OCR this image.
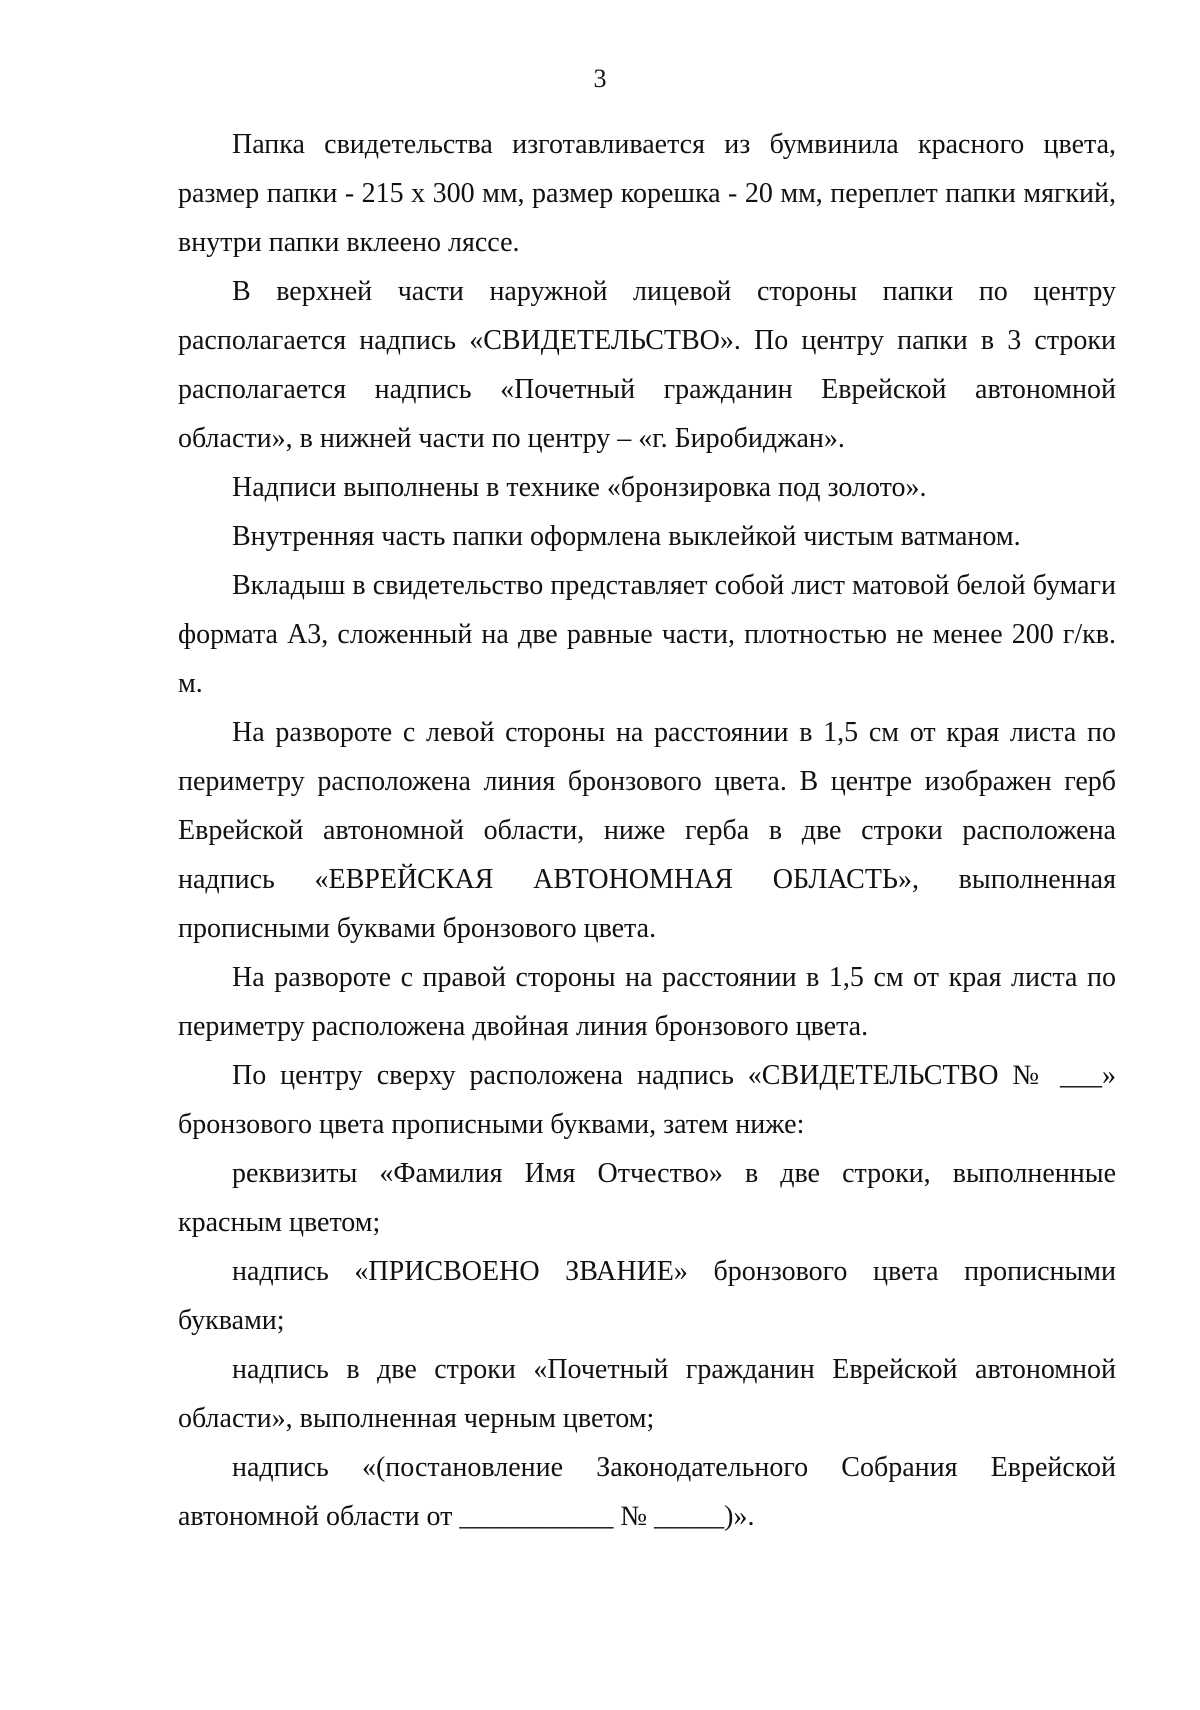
3

Папка свидетельства изготавливается из бумвинила красного цвета, размер папки - 215 х 300 мм, размер корешка - 20 мм, переплет папки мягкий, внутри папки вклеено ляссе.

В верхней части наружной лицевой стороны папки по центру располагается надпись «СВИДЕТЕЛЬСТВО». По центру папки в 3 строки располагается надпись «Почетный гражданин Еврейской автономной области», в нижней части по центру – «г. Биробиджан».

Надписи выполнены в технике «бронзировка под золото».

Внутренняя часть папки оформлена выклейкой чистым ватманом.

Вкладыш в свидетельство представляет собой лист матовой белой бумаги формата А3, сложенный на две равные части, плотностью не менее 200 г/кв. м.

На развороте с левой стороны на расстоянии в 1,5 см от края листа по периметру расположена линия бронзового цвета. В центре изображен герб Еврейской автономной области, ниже герба в две строки расположена надпись «ЕВРЕЙСКАЯ АВТОНОМНАЯ ОБЛАСТЬ», выполненная прописными буквами бронзового цвета.

На развороте с правой стороны на расстоянии в 1,5 см от края листа по периметру расположена двойная линия бронзового цвета.

По центру сверху расположена надпись «СВИДЕТЕЛЬСТВО № ___» бронзового цвета прописными буквами, затем ниже:

реквизиты «Фамилия Имя Отчество» в две строки, выполненные красным цветом;

надпись «ПРИСВОЕНО ЗВАНИЕ» бронзового цвета прописными буквами;

надпись в две строки «Почетный гражданин Еврейской автономной области», выполненная черным цветом;

надпись «(постановление Законодательного Собрания Еврейской автономной области от ___________ № _____)».
